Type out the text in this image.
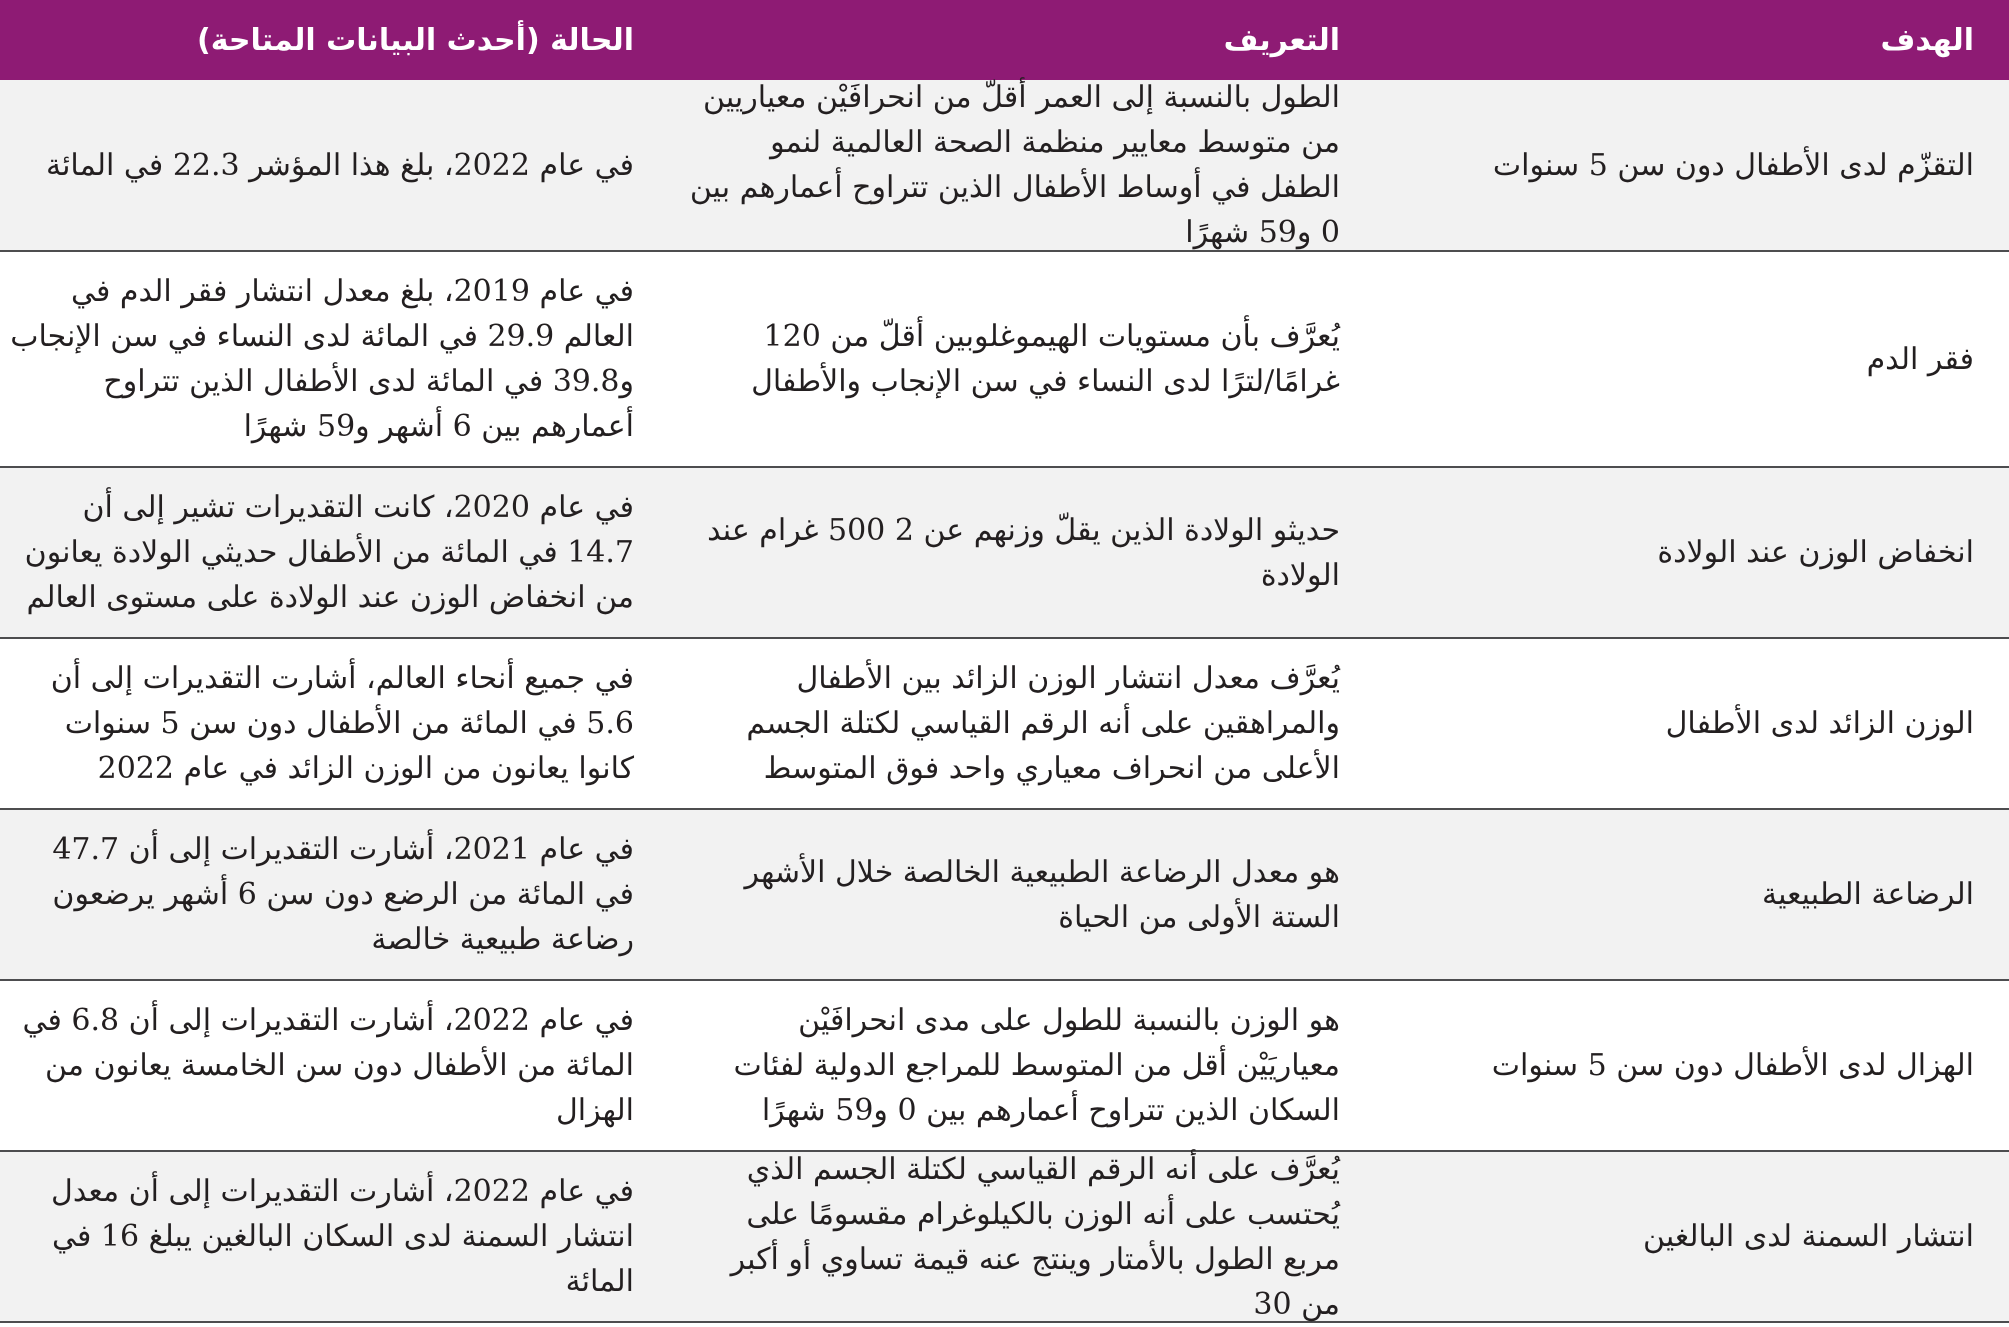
الهدف
التعريف
الحالة (أحدث البيانات المتاحة)
التقزّم لدى الأطفال دون سن 5 سنوات
الطول بالنسبة إلى العمر أقلّ من انحرافَيْن معياريين من متوسط معايير منظمة الصحة العالمية لنمو الطفل في أوساط الأطفال الذين تتراوح أعمارهم بين 0 و59 شهرًا
في عام 2022، بلغ هذا المؤشر 22.3 في المائة
فقر الدم
يُعرَّف بأن مستويات الهيموغلوبين أقلّ من 120 غرامًا/لترًا لدى النساء في سن الإنجاب والأطفال
في عام 2019، بلغ معدل انتشار فقر الدم في العالم 29.9 في المائة لدى النساء في سن الإنجاب و39.8 في المائة لدى الأطفال الذين تتراوح أعمارهم بين 6 أشهر و59 شهرًا
انخفاض الوزن عند الولادة
حديثو الولادة الذين يقلّ وزنهم عن 2 500 غرام عند الولادة
في عام 2020، كانت التقديرات تشير إلى أن 14.7 في المائة من الأطفال حديثي الولادة يعانون من انخفاض الوزن عند الولادة على مستوى العالم
الوزن الزائد لدى الأطفال
يُعرَّف معدل انتشار الوزن الزائد بين الأطفال والمراهقين على أنه الرقم القياسي لكتلة الجسم الأعلى من انحراف معياري واحد فوق المتوسط
في جميع أنحاء العالم، أشارت التقديرات إلى أن 5.6 في المائة من الأطفال دون سن 5 سنوات كانوا يعانون من الوزن الزائد في عام 2022
الرضاعة الطبيعية
هو معدل الرضاعة الطبيعية الخالصة خلال الأشهر الستة الأولى من الحياة
في عام 2021، أشارت التقديرات إلى أن 47.7 في المائة من الرضع دون سن 6 أشهر يرضعون رضاعة طبيعية خالصة
الهزال لدى الأطفال دون سن 5 سنوات
هو الوزن بالنسبة للطول على مدى انحرافَيْن معياريَيْن أقل من المتوسط للمراجع الدولية لفئات السكان الذين تتراوح أعمارهم بين 0 و59 شهرًا
في عام 2022، أشارت التقديرات إلى أن 6.8 في المائة من الأطفال دون سن الخامسة يعانون من الهزال
انتشار السمنة لدى البالغين
يُعرَّف على أنه الرقم القياسي لكتلة الجسم الذي يُحتسب على أنه الوزن بالكيلوغرام مقسومًا على مربع الطول بالأمتار وينتج عنه قيمة تساوي أو أكبر من 30
في عام 2022، أشارت التقديرات إلى أن معدل انتشار السمنة لدى السكان البالغين يبلغ 16 في المائة
